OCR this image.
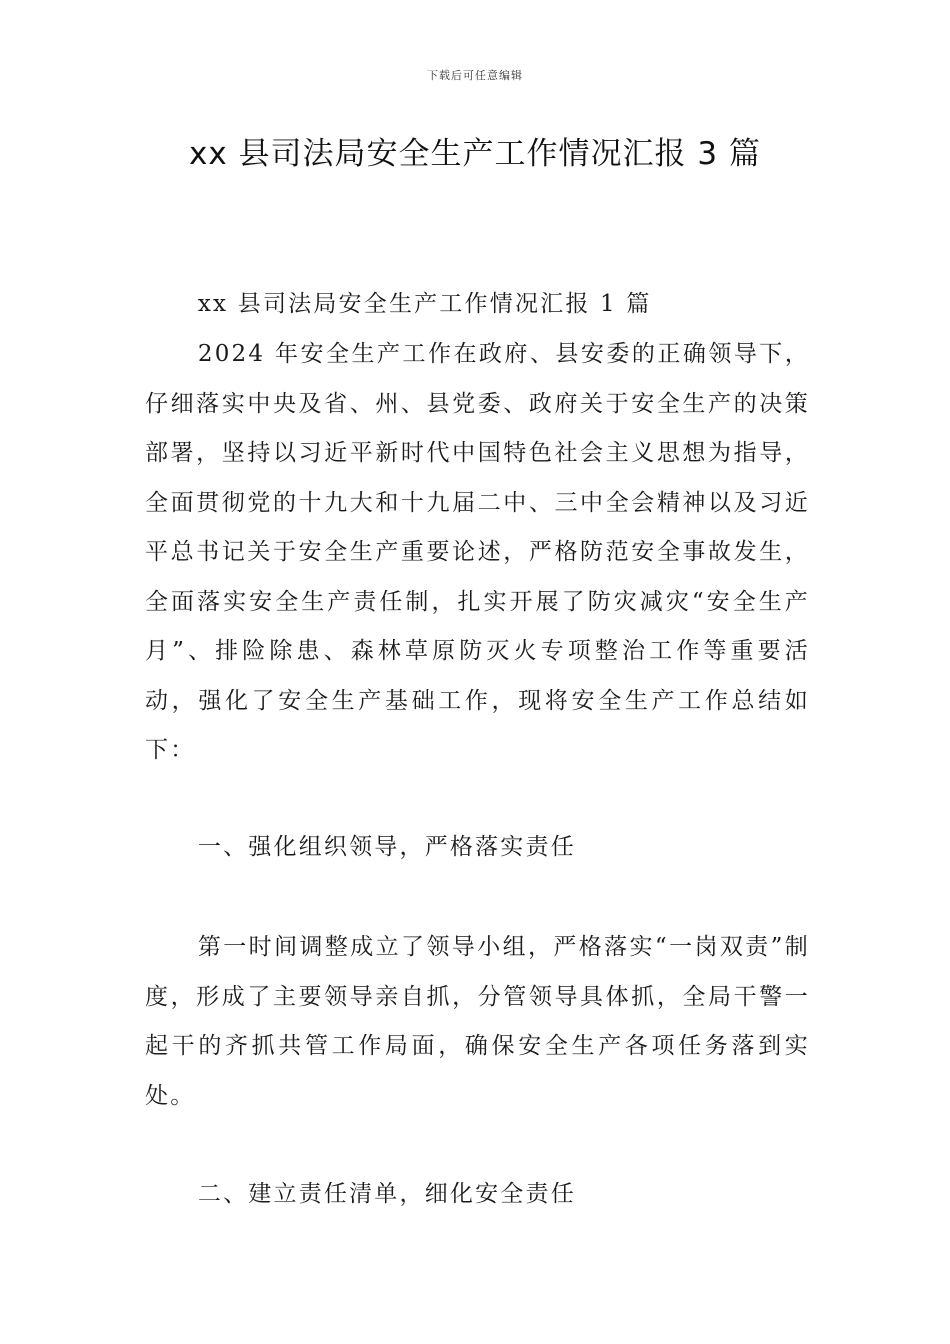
下载后可任意编辑
xx 县司法局安全生产工作情况汇报 3 篇

xx 县司法局安全生产工作情况汇报 1 篇

2024 年安全生产工作在政府、县安委的正确领导下，仔细落实中央及省、州、县党委、政府关于安全生产的决策部署，坚持以习近平新时代中国特色社会主义思想为指导，全面贯彻党的十九大和十九届二中、三中全会精神以及习近平总书记关于安全生产重要论述，严格防范安全事故发生，全面落实安全生产责任制，扎实开展了防灾减灾“安全生产月”、排险除患、森林草原防灭火专项整治工作等重要活动，强化了安全生产基础工作，现将安全生产工作总结如下：

一、强化组织领导，严格落实责任

第一时间调整成立了领导小组，严格落实“一岗双责”制度，形成了主要领导亲自抓，分管领导具体抓，全局干警一起干的齐抓共管工作局面，确保安全生产各项任务落到实处。

二、建立责任清单，细化安全责任
